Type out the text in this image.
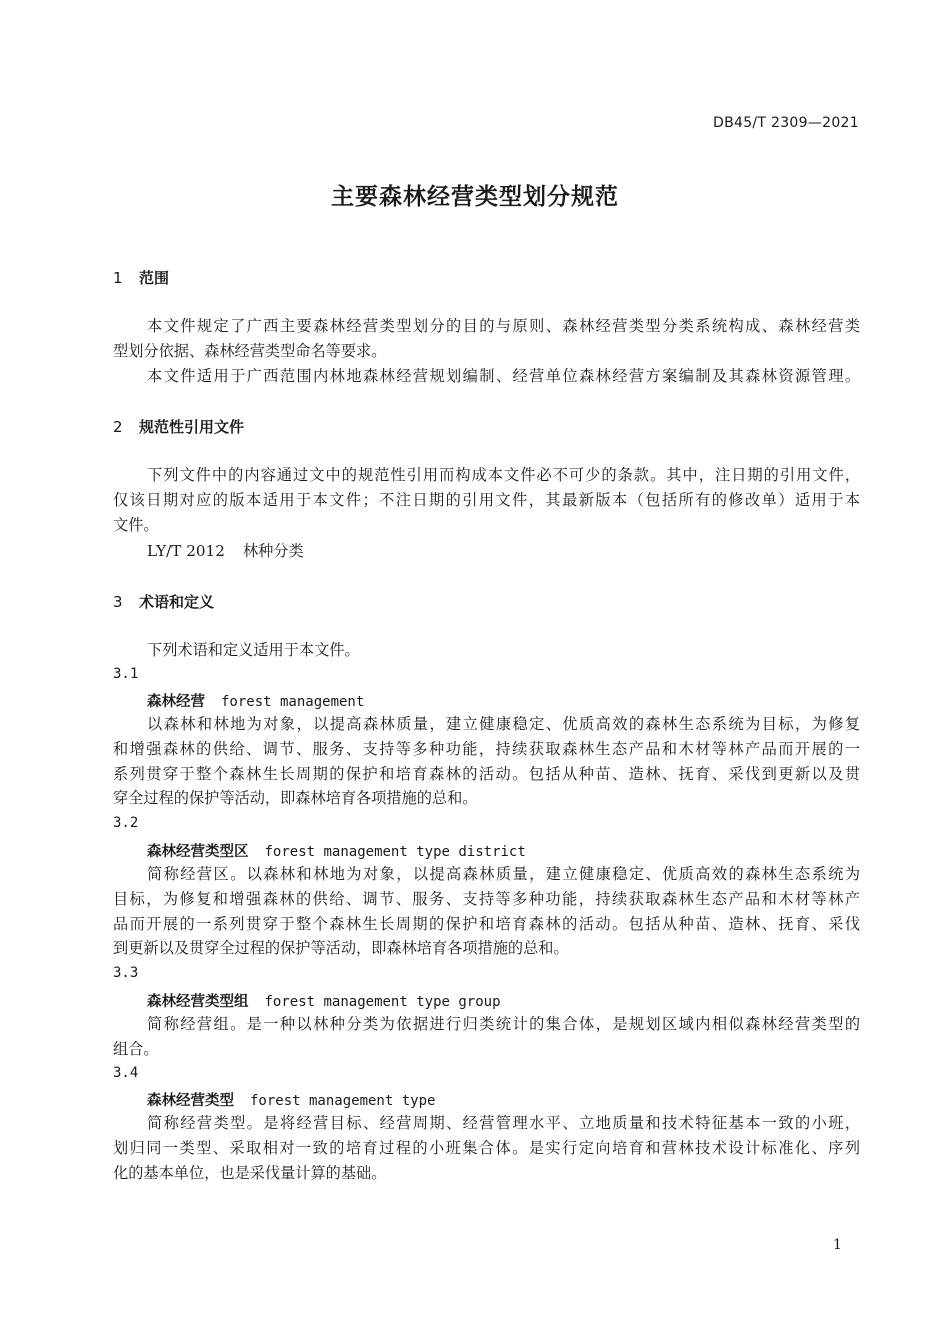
DB45/T 2309—2021
主要森林经营类型划分规范
1 范围
本文件规定了广西主要森林经营类型划分的目的与原则、森林经营类型分类系统构成、森林经营类
型划分依据、森林经营类型命名等要求。
本文件适用于广西范围内林地森林经营规划编制、经营单位森林经营方案编制及其森林资源管理。
2 规范性引用文件
下列文件中的内容通过文中的规范性引用而构成本文件必不可少的条款。其中，注日期的引用文件，
仅该日期对应的版本适用于本文件；不注日期的引用文件，其最新版本（包括所有的修改单）适用于本
文件。
LY/T 2012 林种分类
3 术语和定义
下列术语和定义适用于本文件。
3.1
森林经营 forest management
以森林和林地为对象，以提高森林质量，建立健康稳定、优质高效的森林生态系统为目标，为修复
和增强森林的供给、调节、服务、支持等多种功能，持续获取森林生态产品和木材等林产品而开展的一
系列贯穿于整个森林生长周期的保护和培育森林的活动。包括从种苗、造林、抚育、采伐到更新以及贯
穿全过程的保护等活动，即森林培育各项措施的总和。
3.2
森林经营类型区 forest management type district
简称经营区。以森林和林地为对象，以提高森林质量，建立健康稳定、优质高效的森林生态系统为
目标，为修复和增强森林的供给、调节、服务、支持等多种功能，持续获取森林生态产品和木材等林产
品而开展的一系列贯穿于整个森林生长周期的保护和培育森林的活动。包括从种苗、造林、抚育、采伐
到更新以及贯穿全过程的保护等活动，即森林培育各项措施的总和。
3.3
森林经营类型组 forest management type group
简称经营组。是一种以林种分类为依据进行归类统计的集合体，是规划区域内相似森林经营类型的
组合。
3.4
森林经营类型 forest management type
简称经营类型。是将经营目标、经营周期、经营管理水平、立地质量和技术特征基本一致的小班，
划归同一类型、采取相对一致的培育过程的小班集合体。是实行定向培育和营林技术设计标准化、序列
化的基本单位，也是采伐量计算的基础。
1
